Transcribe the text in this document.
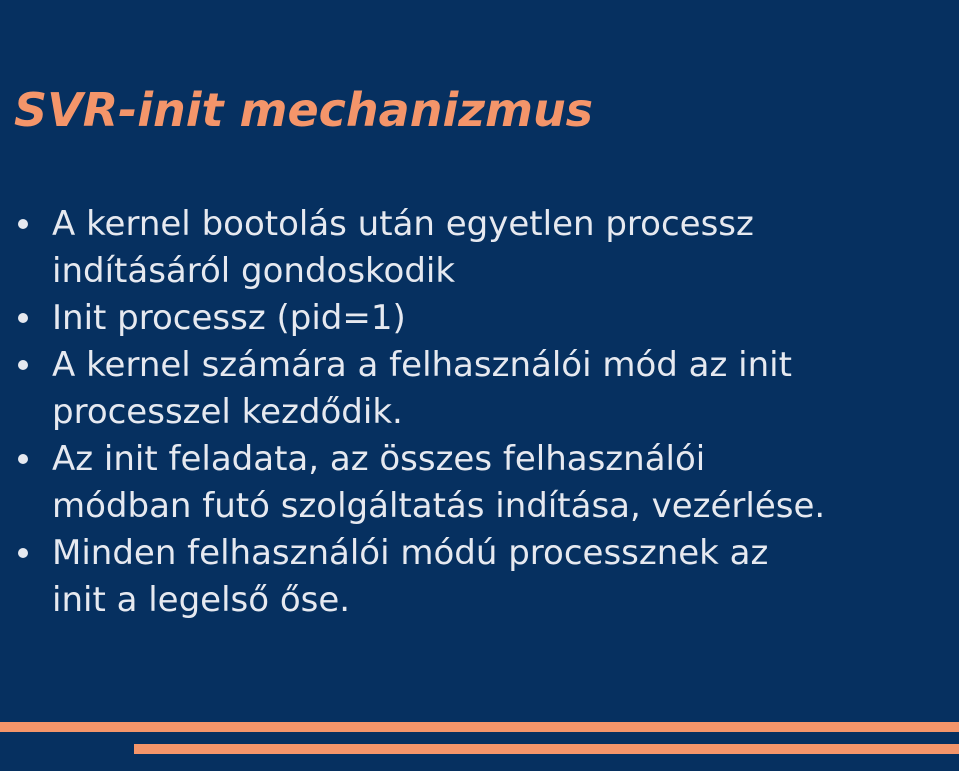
SVR-init mechanizmus
A kernel bootolás után egyetlen processz
indításáról gondoskodik
Init processz (pid=1)
A kernel számára a felhasználói mód az init
processzel kezdődik.
Az init feladata, az összes felhasználói
módban futó szolgáltatás indítása, vezérlése.
Minden felhasználói módú processznek az
init a legelső őse.
